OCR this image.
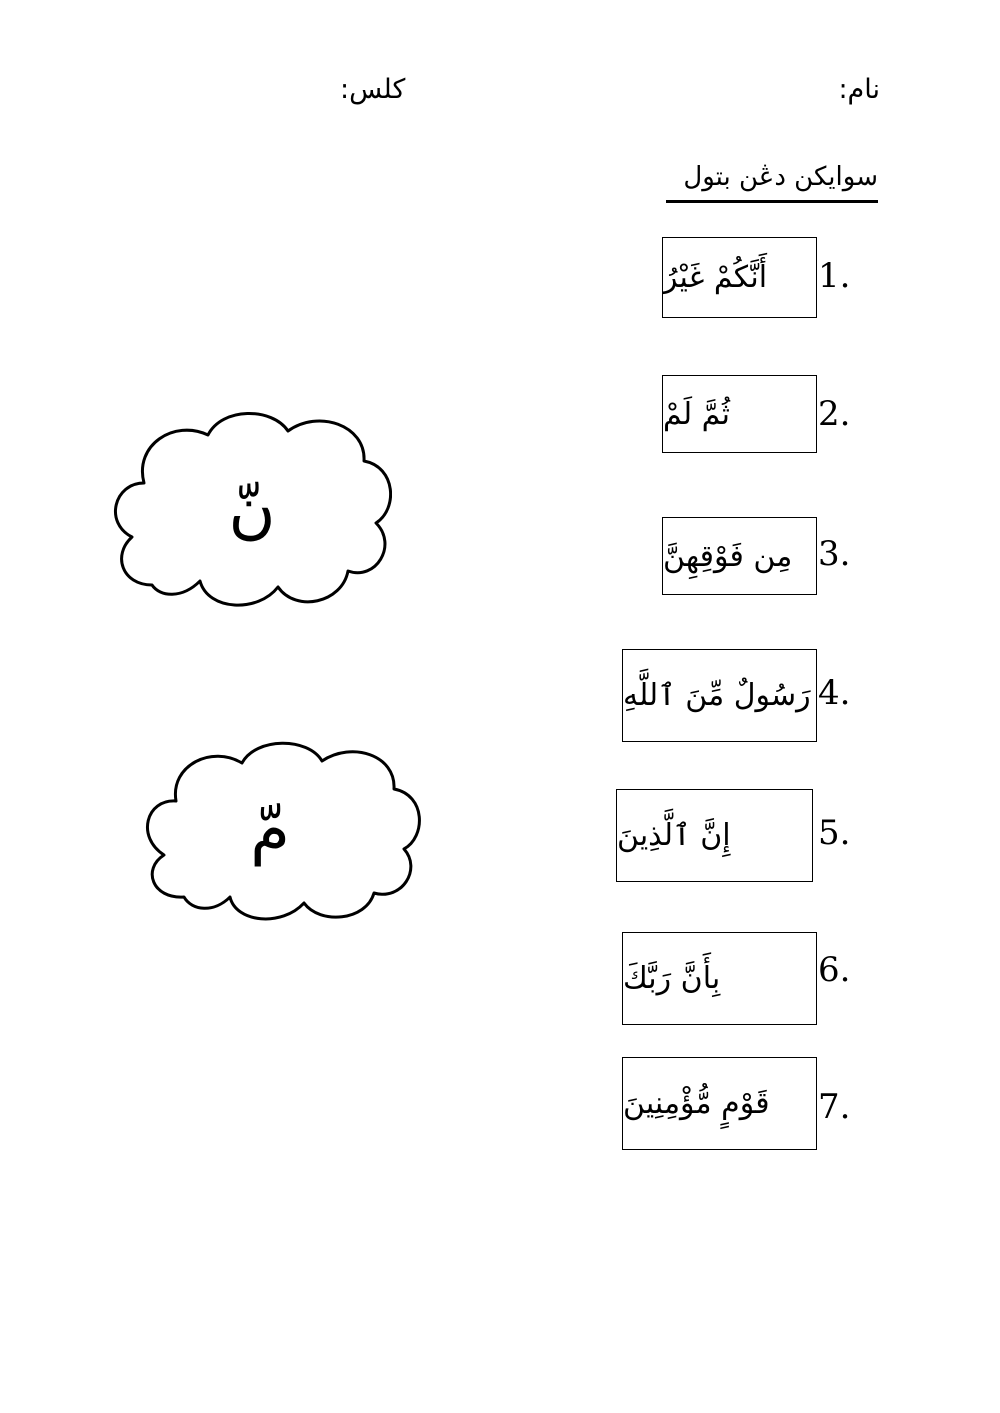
نام:
كلس:
سوايكن دڠن بتول
1.
أَنَّكُمْ غَيْرُ
2.
ثُمَّ لَمْ
3.
مِن فَوْقِهِنَّ
4.
رَسُولٌ مِّنَ ٱللَّهِ
5.
إِنَّ ٱلَّذِينَ
6.
بِأَنَّ رَبَّكَ
7.
قَوْمٍ مُّؤْمِنِينَ
نّ
مّ
